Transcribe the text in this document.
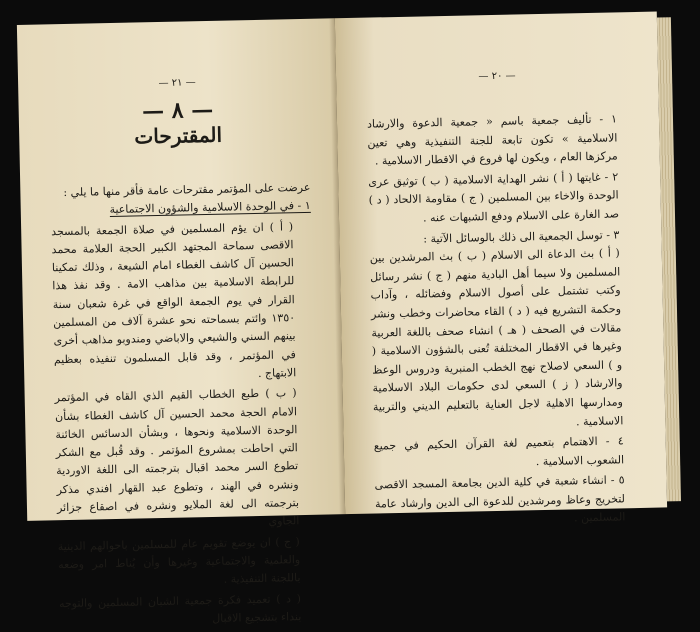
— ٢١ —
— ٨ —
المقترحات

عرضت على المؤتمر مقترحات عامة فأقر منها ما يلي :

١ - في الوحدة الاسلامية والشؤون الاجتماعية

( أ ) ان يؤم المسلمين في صلاة الجمعة بالمسجد الاقصى سماحة المجتهد الكبير الحجة العلامة محمد الحسين آل كاشف الغطاء امام الشيعة ، وذلك تمكينا للرابطة الاسلامية بين مذاهب الامة . وقد نفذ هذا القرار في يوم الجمعة الواقع في غرة شعبان سنة ١٣٥٠ وائتم بسماحته نحو عشرة آلاف من المسلمين بينهم السني والشيعي والاباضي ومندوبو مذاهب أخرى في المؤتمر ، وقد قابل المسلمون تنفيذه بعظيم الابتهاج .

( ب ) طبع الخطاب القيم الذي القاه في المؤتمر الامام الحجة محمد الحسين آل كاشف الغطاء بشأن الوحدة الاسلامية ونحوها ، وبشأن الدسائس الخائنة التي احاطت بمشروع المؤتمر . وقد قُبل مع الشكر تطوع السر محمد اقبال بترجمته الى اللغة الاوردية ونشره في الهند ، وتطوع عبد القهار افندي مذكر بترجمته الى لغة الملايو ونشره في اصقاع جزائر الجاوي

( ج ) ان يوضع تقويم عام للمسلمين باحوالهم الدينية والعلمية والاجتماعية وغيرها وأن يُناط امر وضعه باللجنة التنفيذية .

( د ) تعميد فكرة جمعية الشبان المسلمين والتوجه بنداء بتشجيع الاقبال

— ٢٠ —

١ - تأليف جمعية باسم « جمعية الدعوة والارشاد الاسلامية » تكون تابعة للجنة التنفيذية وهي تعين مركزها العام ، ويكون لها فروع في الاقطار الاسلامية .

٢ - غايتها ( أ ) نشر الهداية الاسلامية ( ب ) توثيق عرى الوحدة والاخاء بين المسلمين ( ج ) مقاومة الالحاد ( د ) صد الغارة على الاسلام ودفع الشبهات عنه .

٣ - توسل الجمعية الى ذلك بالوسائل الآتية :

( أ ) بث الدعاة الى الاسلام ( ب ) بث المرشدين بين المسلمين ولا سيما أهل البادية منهم ( ج ) نشر رسائل وكتب تشتمل على أصول الاسلام وفضائله ، وآداب وحكمة التشريع فيه ( د ) القاء محاضرات وخطب ونشر مقالات في الصحف ( هـ ) انشاء صحف باللغة العربية وغيرها في الاقطار المختلفة تُعنى بالشؤون الاسلامية ( و ) السعي لاصلاح نهج الخطب المنبرية ودروس الوعظ والارشاد ( ز ) السعي لدى حكومات البلاد الاسلامية ومدارسها الاهلية لاجل العناية بالتعليم الديني والتربية الاسلامية .

٤ - الاهتمام بتعميم لغة القرآن الحكيم في جميع الشعوب الاسلامية .

٥ - انشاء شعبة في كلية الدين بجامعة المسجد الاقصى لتخريج وعاظ ومرشدين للدعوة الى الدين وارشاد عامة المسلمين .
